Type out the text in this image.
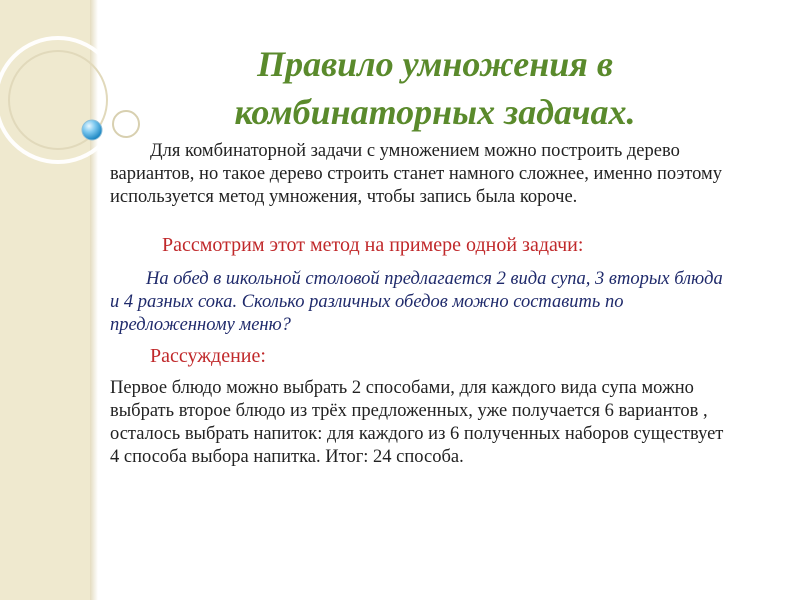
Правило умножения в комбинаторных задачах.

Для комбинаторной задачи с умножением можно построить дерево вариантов, но такое дерево строить станет намного сложнее, именно поэтому используется метод умножения, чтобы запись была короче.

Рассмотрим этот метод на примере одной задачи:

На обед в школьной столовой предлагается 2 вида супа, 3 вторых блюда и 4 разных сока. Сколько различных обедов можно составить по предложенному меню?

Рассуждение:

Первое блюдо можно выбрать 2 способами, для каждого вида супа можно выбрать второе блюдо из трёх предложенных, уже получается 6 вариантов , осталось выбрать напиток: для каждого из 6 полученных наборов существует 4 способа выбора напитка. Итог: 24 способа.
